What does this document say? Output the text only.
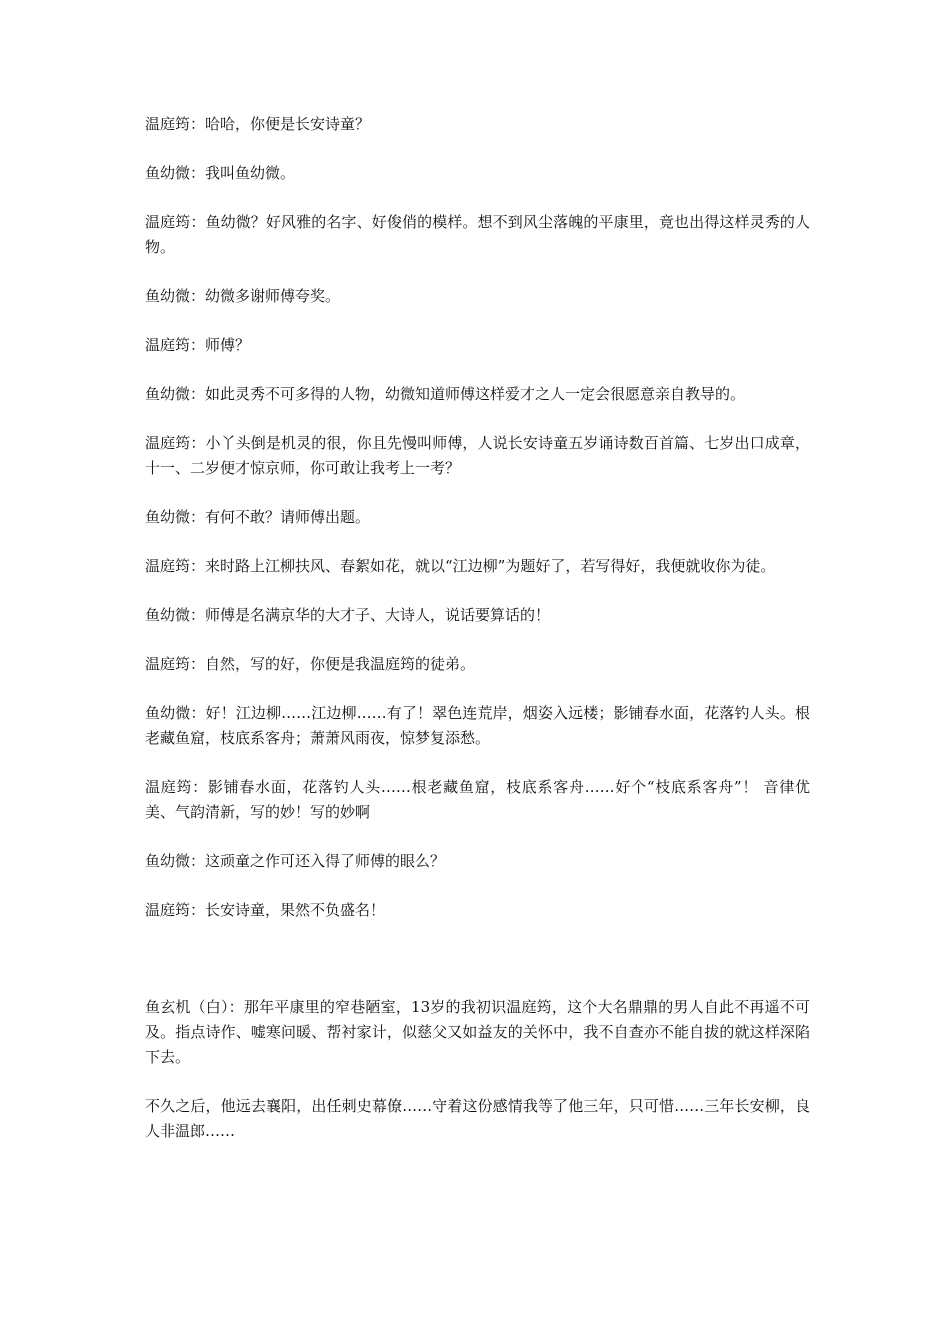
温庭筠：哈哈，你便是长安诗童？

鱼幼微：我叫鱼幼微。

温庭筠：鱼幼微？好风雅的名字、好俊俏的模样。想不到风尘落魄的平康里，竟也出得这样灵秀的人物。

鱼幼微：幼微多谢师傅夸奖。

温庭筠：师傅？

鱼幼微：如此灵秀不可多得的人物，幼微知道师傅这样爱才之人一定会很愿意亲自教导的。

温庭筠：小丫头倒是机灵的很，你且先慢叫师傅，人说长安诗童五岁诵诗数百首篇、七岁出口成章，十一、二岁便才惊京师，你可敢让我考上一考？

鱼幼微：有何不敢？请师傅出题。

温庭筠：来时路上江柳扶风、春絮如花，就以“江边柳”为题好了，若写得好，我便就收你为徒。

鱼幼微：师傅是名满京华的大才子、大诗人，说话要算话的！

温庭筠：自然，写的好，你便是我温庭筠的徒弟。

鱼幼微：好！江边柳……江边柳……有了！翠色连荒岸，烟姿入远楼；影铺春水面，花落钓人头。根老藏鱼窟，枝底系客舟；萧萧风雨夜，惊梦复添愁。

温庭筠：影铺春水面，花落钓人头……根老藏鱼窟，枝底系客舟……好个“枝底系客舟”！ 音律优美、气韵清新，写的妙！写的妙啊

鱼幼微：这顽童之作可还入得了师傅的眼么？

温庭筠：长安诗童，果然不负盛名！

鱼玄机（白）：那年平康里的窄巷陋室，13岁的我初识温庭筠，这个大名鼎鼎的男人自此不再遥不可及。指点诗作、嘘寒问暖、帮衬家计，似慈父又如益友的关怀中，我不自查亦不能自拔的就这样深陷下去。

不久之后，他远去襄阳，出任刺史幕僚……守着这份感情我等了他三年，只可惜……三年长安柳，良人非温郎……
